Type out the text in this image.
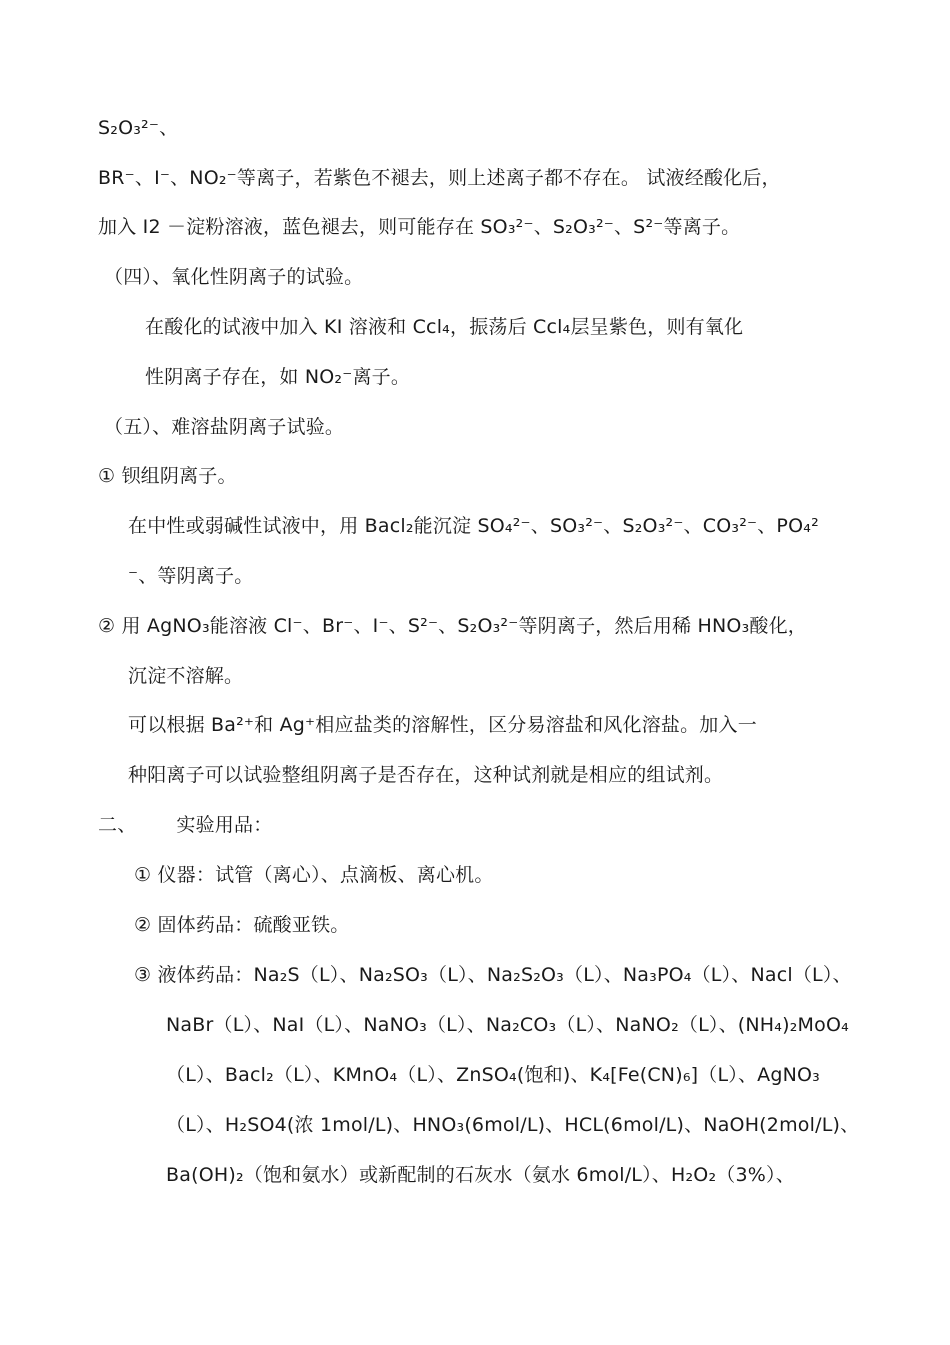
S₂O₃²⁻、
BR⁻、I⁻、NO₂⁻等离子，若紫色不褪去，则上述离子都不存在。 试液经酸化后，
加入 I2 －淀粉溶液，蓝色褪去，则可能存在 SO₃²⁻、S₂O₃²⁻、S²⁻等离子。
（四）、氧化性阴离子的试验。
在酸化的试液中加入 KI 溶液和 Ccl₄，振荡后 Ccl₄层呈紫色，则有氧化
性阴离子存在，如 NO₂⁻离子。
（五）、难溶盐阴离子试验。
① 钡组阴离子。
在中性或弱碱性试液中，用 Bacl₂能沉淀 SO₄²⁻、SO₃²⁻、S₂O₃²⁻、CO₃²⁻、PO₄²
⁻、等阴离子。
② 用 AgNO₃能溶液 Cl⁻、Br⁻、I⁻、S²⁻、S₂O₃²⁻等阴离子，然后用稀 HNO₃酸化，
沉淀不溶解。
可以根据 Ba²⁺和 Ag⁺相应盐类的溶解性，区分易溶盐和风化溶盐。加入一
种阳离子可以试验整组阴离子是否存在，这种试剂就是相应的组试剂。
二、 实验用品：
① 仪器：试管（离心）、点滴板、离心机。
② 固体药品：硫酸亚铁。
③ 液体药品：Na₂S（L）、Na₂SO₃（L）、Na₂S₂O₃（L）、Na₃PO₄（L）、Nacl（L）、
NaBr（L）、NaI（L）、NaNO₃（L）、Na₂CO₃（L）、NaNO₂（L）、(NH₄)₂MoO₄
（L）、Bacl₂（L）、KMnO₄（L）、ZnSO₄(饱和)、K₄[Fe(CN)₆]（L）、AgNO₃
（L）、H₂SO4(浓 1mol/L)、HNO₃(6mol/L)、HCL(6mol/L)、NaOH(2mol/L)、
Ba(OH)₂（饱和氨水）或新配制的石灰水（氨水 6mol/L）、H₂O₂（3%）、
